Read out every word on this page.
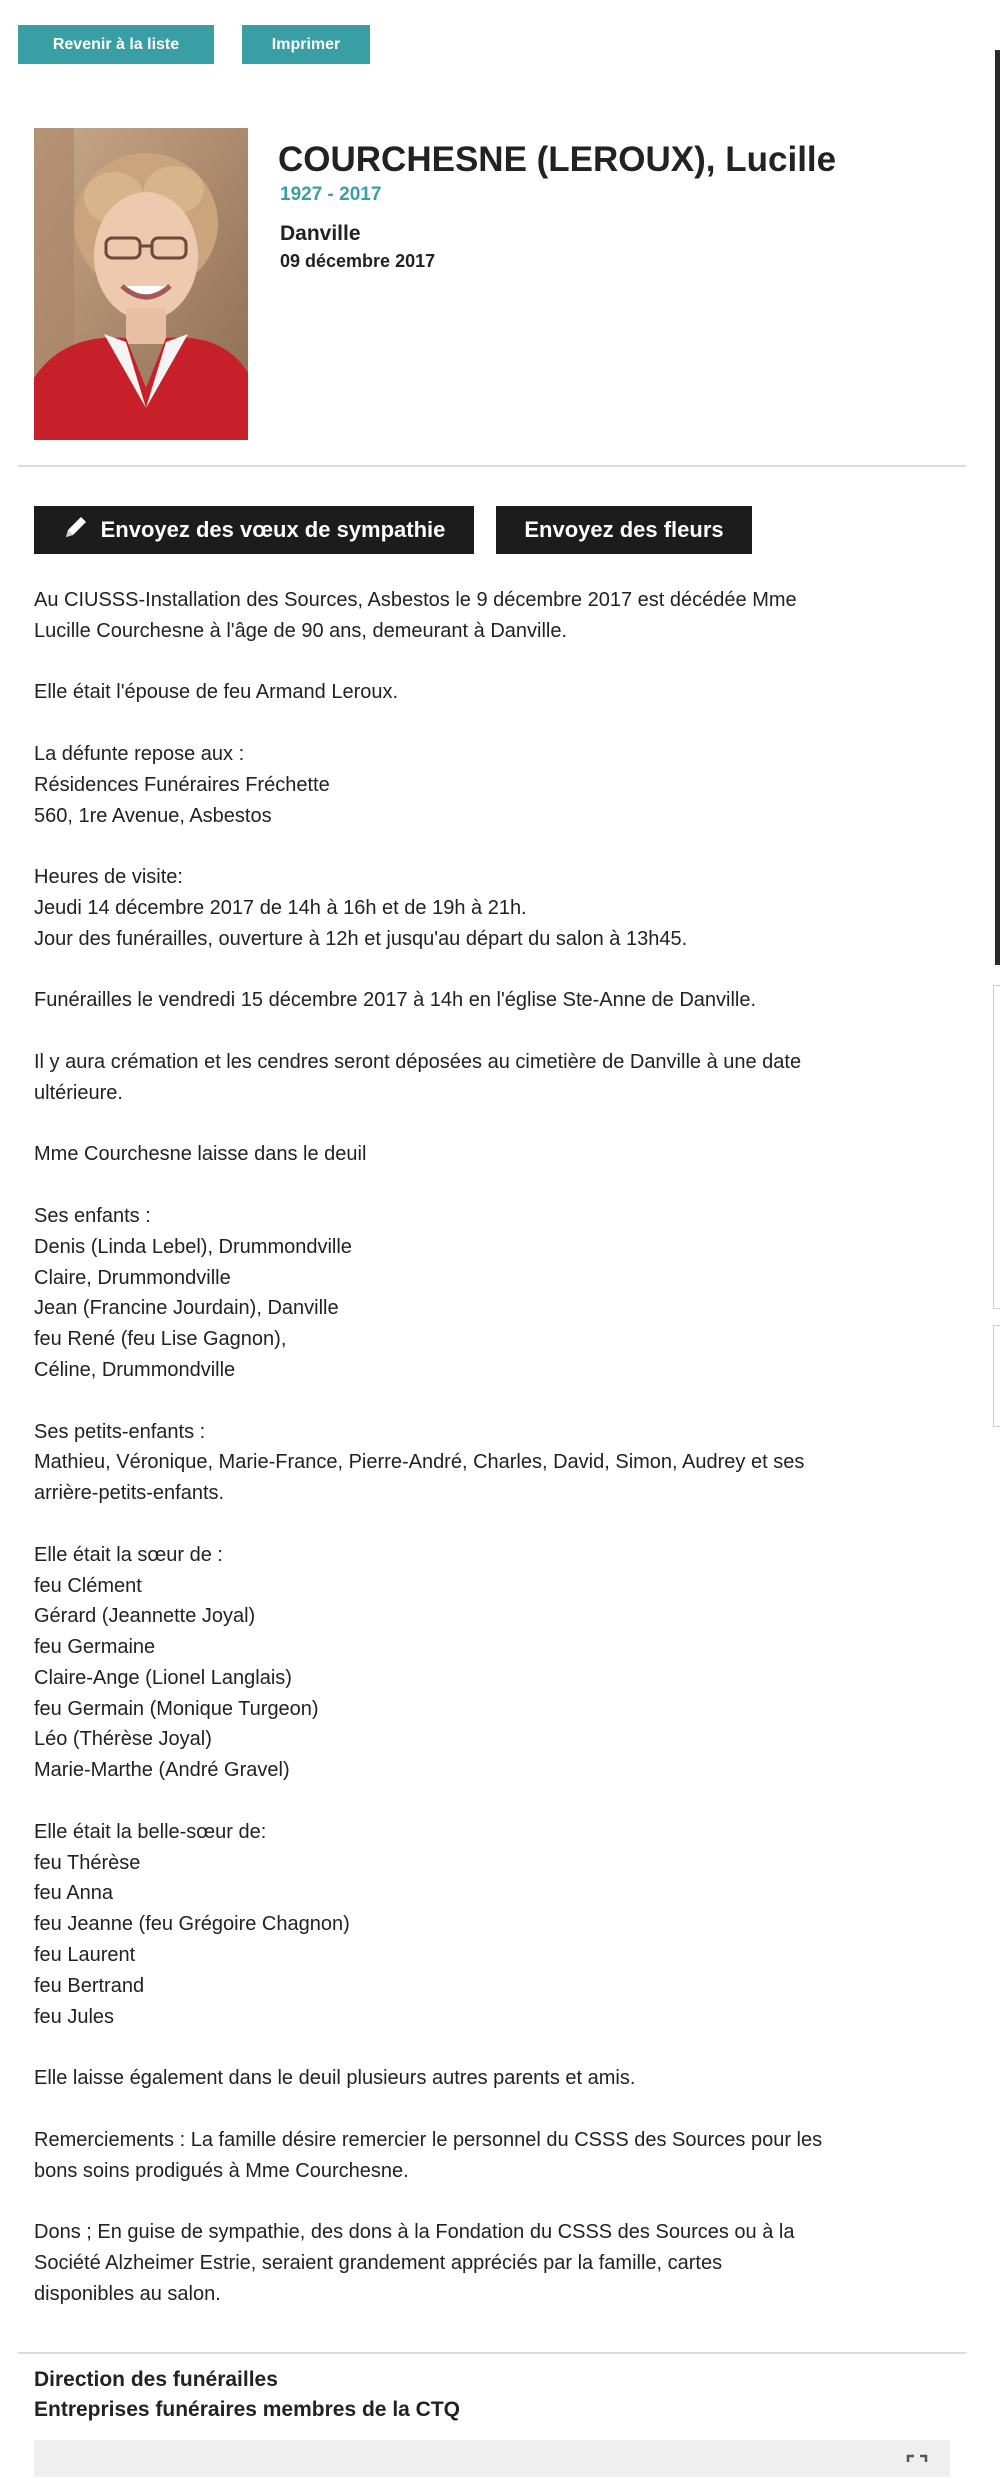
Revenir à la liste	Imprimer
COURCHESNE (LEROUX), Lucille
1927 - 2017
Danville
09 décembre 2017
Envoyez des vœux de sympathie	Envoyez des fleurs

Au CIUSSS-Installation des Sources, Asbestos le 9 décembre 2017 est décédée Mme
Lucille Courchesne à l'âge de 90 ans, demeurant à Danville.

Elle était l'épouse de feu Armand Leroux.

La défunte repose aux :
Résidences Funéraires Fréchette
560, 1re Avenue, Asbestos

Heures de visite:
Jeudi 14 décembre 2017 de 14h à 16h et de 19h à 21h.
Jour des funérailles, ouverture à 12h et jusqu'au départ du salon à 13h45.

Funérailles le vendredi 15 décembre 2017 à 14h en l'église Ste-Anne de Danville.

Il y aura crémation et les cendres seront déposées au cimetière de Danville à une date
ultérieure.

Mme Courchesne laisse dans le deuil

Ses enfants :
Denis (Linda Lebel), Drummondville
Claire, Drummondville
Jean (Francine Jourdain), Danville
feu René (feu Lise Gagnon),
Céline, Drummondville

Ses petits-enfants :
Mathieu, Véronique, Marie-France, Pierre-André, Charles, David, Simon, Audrey et ses
arrière-petits-enfants.

Elle était la sœur de :
feu Clément
Gérard (Jeannette Joyal)
feu Germaine
Claire-Ange (Lionel Langlais)
feu Germain (Monique Turgeon)
Léo (Thérèse Joyal)
Marie-Marthe (André Gravel)

Elle était la belle-sœur de:
feu Thérèse
feu Anna
feu Jeanne (feu Grégoire Chagnon)
feu Laurent
feu Bertrand
feu Jules

Elle laisse également dans le deuil plusieurs autres parents et amis.

Remerciements : La famille désire remercier le personnel du CSSS des Sources pour les
bons soins prodigués à Mme Courchesne.

Dons ; En guise de sympathie, des dons à la Fondation du CSSS des Sources ou à la
Société Alzheimer Estrie, seraient grandement appréciés par la famille, cartes
disponibles au salon.

Direction des funérailles
Entreprises funéraires membres de la CTQ
